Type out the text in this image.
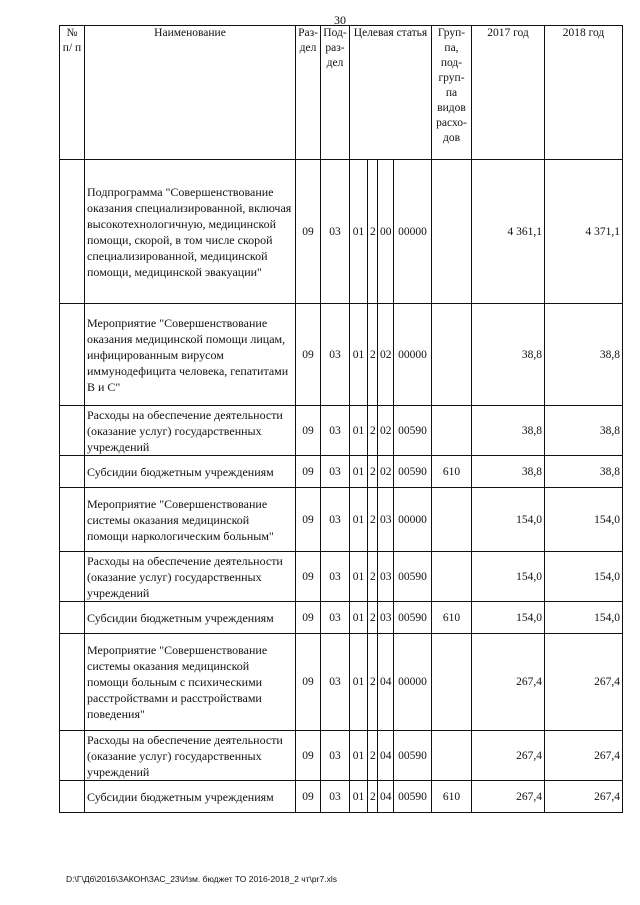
30
№ п/ п	Наименование	Раз- дел	Под- раз- дел	Целевая статья				Груп- па, под- груп- па видов расхо- дов	2017 год	2018 год
	Подпрограмма "Совершенствование оказания специализированной, включая высокотехнологичную, медицинской помощи, скорой, в том числе скорой специализированной, медицинской помощи, медицинской эвакуации"	09	03	01	2	00	00000		4 361,1	4 371,1
	Мероприятие "Совершенствование оказания медицинской помощи лицам, инфицированным вирусом иммунодефицита человека, гепатитами В и С"	09	03	01	2	02	00000		38,8	38,8
	Расходы на обеспечение деятельности (оказание услуг) государственных учреждений	09	03	01	2	02	00590		38,8	38,8
	Субсидии бюджетным учреждениям	09	03	01	2	02	00590	610	38,8	38,8
	Мероприятие "Совершенствование системы оказания медицинской помощи наркологическим больным"	09	03	01	2	03	00000		154,0	154,0
	Расходы на обеспечение деятельности (оказание услуг) государственных учреждений	09	03	01	2	03	00590		154,0	154,0
	Субсидии бюджетным учреждениям	09	03	01	2	03	00590	610	154,0	154,0
	Мероприятие "Совершенствование системы оказания медицинской помощи больным с психическими расстройствами и расстройствами поведения"	09	03	01	2	04	00000		267,4	267,4
	Расходы на обеспечение деятельности (оказание услуг) государственных учреждений	09	03	01	2	04	00590		267,4	267,4
	Субсидии бюджетным учреждениям	09	03	01	2	04	00590	610	267,4	267,4
D:\Г\Д6\2016\ЗАКОН\ЗАС_23\Изм. бюджет ТО 2016-2018_2 чт\pr7.xls
